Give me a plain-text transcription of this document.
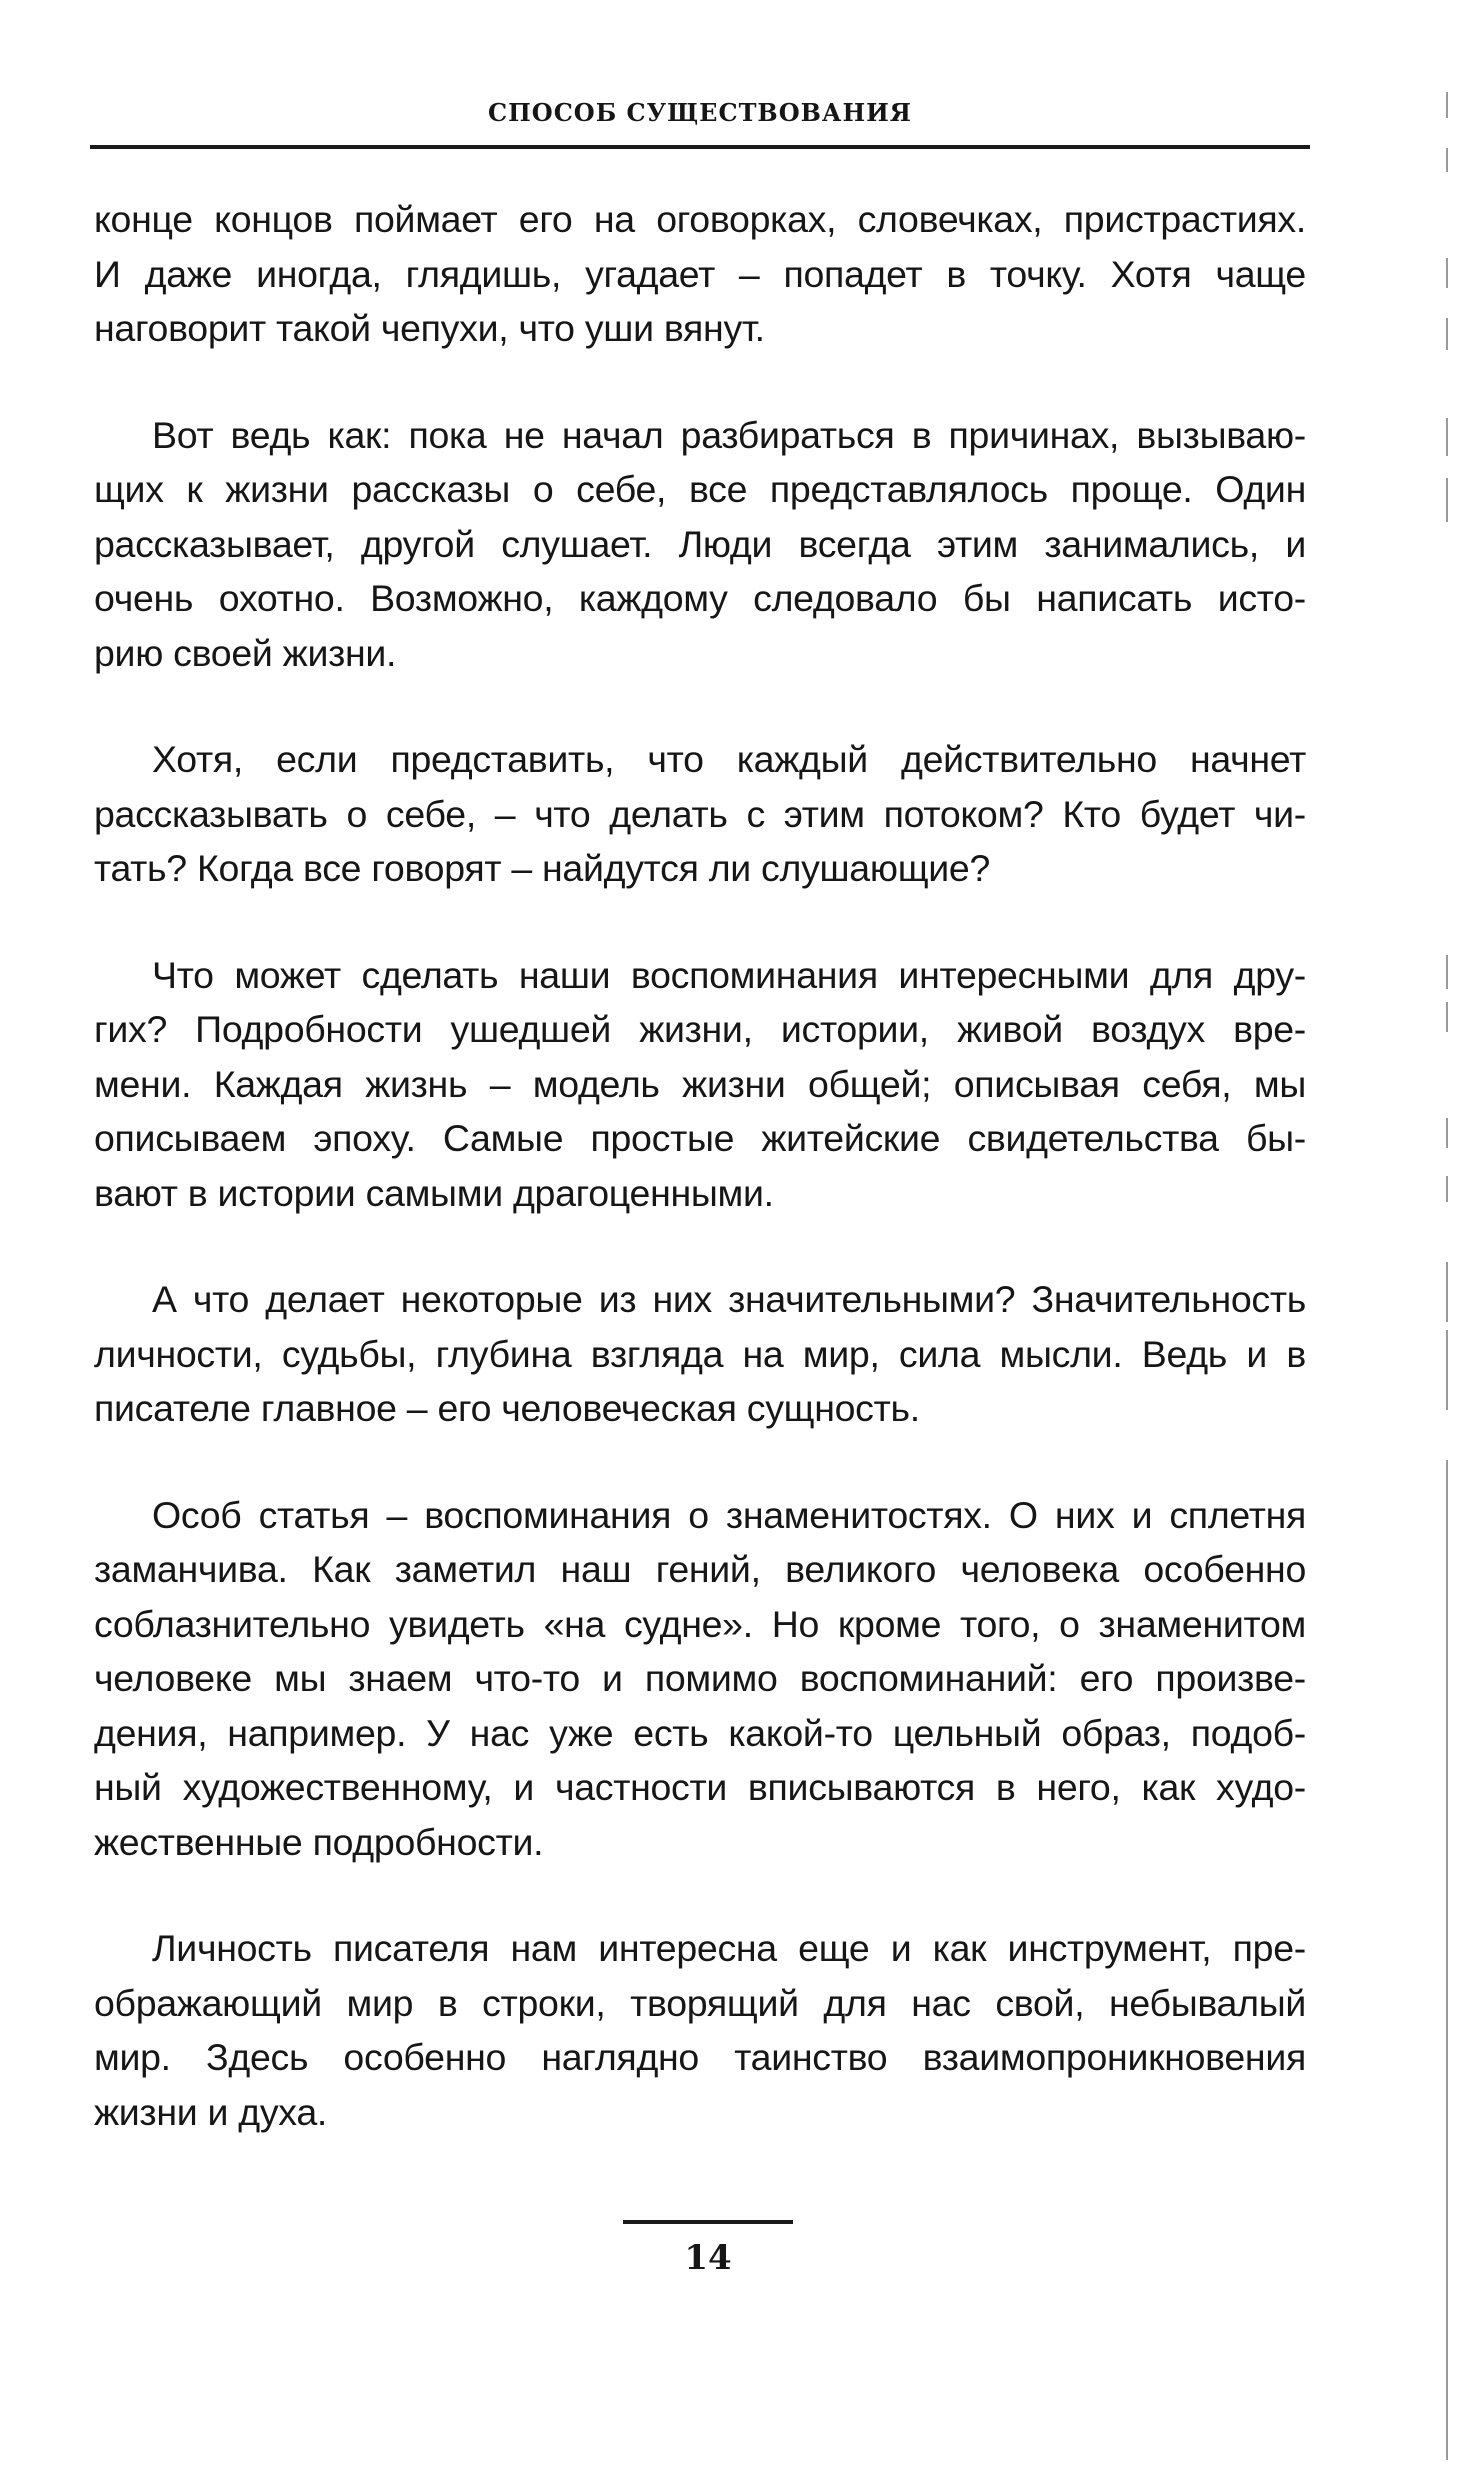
СПОСОБ СУЩЕСТВОВАНИЯ
конце концов поймает его на оговорках, словечках, пристрастиях.
И даже иногда, глядишь, угадает – попадет в точку. Хотя чаще
наговорит такой чепухи, что уши вянут.
Вот ведь как: пока не начал разбираться в причинах, вызываю-
щих к жизни рассказы о себе, все представлялось проще. Один
рассказывает, другой слушает. Люди всегда этим занимались, и
очень охотно. Возможно, каждому следовало бы написать исто-
рию своей жизни.
Хотя, если представить, что каждый действительно начнет
рассказывать о себе, – что делать с этим потоком? Кто будет чи-
тать? Когда все говорят – найдутся ли слушающие?
Что может сделать наши воспоминания интересными для дру-
гих? Подробности ушедшей жизни, истории, живой воздух вре-
мени. Каждая жизнь – модель жизни общей; описывая себя, мы
описываем эпоху. Самые простые житейские свидетельства бы-
вают в истории самыми драгоценными.
А что делает некоторые из них значительными? Значительность
личности, судьбы, глубина взгляда на мир, сила мысли. Ведь и в
писателе главное – его человеческая сущность.
Особ статья – воспоминания о знаменитостях. О них и сплетня
заманчива. Как заметил наш гений, великого человека особенно
соблазнительно увидеть «на судне». Но кроме того, о знаменитом
человеке мы знаем что-то и помимо воспоминаний: его произве-
дения, например. У нас уже есть какой-то цельный образ, подоб-
ный художественному, и частности вписываются в него, как худо-
жественные подробности.
Личность писателя нам интересна еще и как инструмент, пре-
ображающий мир в строки, творящий для нас свой, небывалый
мир. Здесь особенно наглядно таинство взаимопроникновения
жизни и духа.
14
